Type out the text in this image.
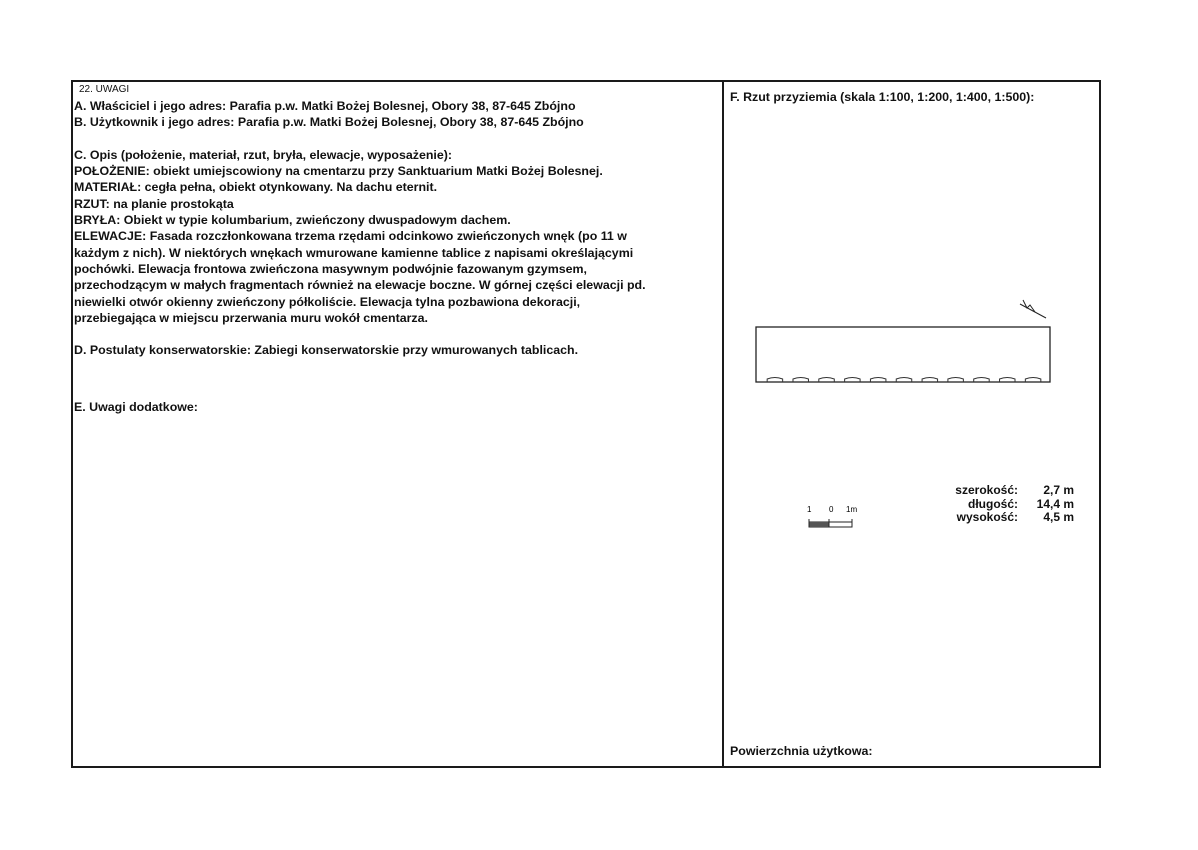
22. UWAGI
A. Właściciel i jego adres: Parafia p.w. Matki Bożej Bolesnej, Obory 38, 87-645 Zbójno
B. Użytkownik i jego adres: Parafia p.w. Matki Bożej Bolesnej, Obory 38, 87-645 Zbójno
C. Opis (położenie, materiał, rzut, bryła, elewacje, wyposażenie):
POŁOŻENIE: obiekt umiejscowiony na cmentarzu przy Sanktuarium Matki Bożej Bolesnej.
MATERIAŁ: cegła pełna, obiekt otynkowany. Na dachu eternit.
RZUT: na planie prostokąta
BRYŁA: Obiekt w typie kolumbarium, zwieńczony dwuspadowym dachem.
ELEWACJE: Fasada rozczłonkowana trzema rzędami odcinkowo zwieńczonych wnęk (po 11 w
każdym z nich). W niektórych wnękach wmurowane kamienne tablice z napisami określającymi
pochówki. Elewacja frontowa zwieńczona masywnym podwójnie fazowanym gzymsem,
przechodzącym w małych fragmentach również na elewacje boczne. W górnej części elewacji pd.
niewielki otwór okienny zwieńczony półkoliście. Elewacja tylna pozbawiona dekoracji,
przebiegająca w miejscu przerwania muru wokół cmentarza.
D. Postulaty konserwatorskie: Zabiegi konserwatorskie przy wmurowanych tablicach.
E. Uwagi dodatkowe:
F. Rzut przyziemia (skala 1:100, 1:200, 1:400, 1:500):
1 0 1m
szerokość:	2,7 m
długość:	14,4 m
wysokość:	4,5 m
Powierzchnia użytkowa:
